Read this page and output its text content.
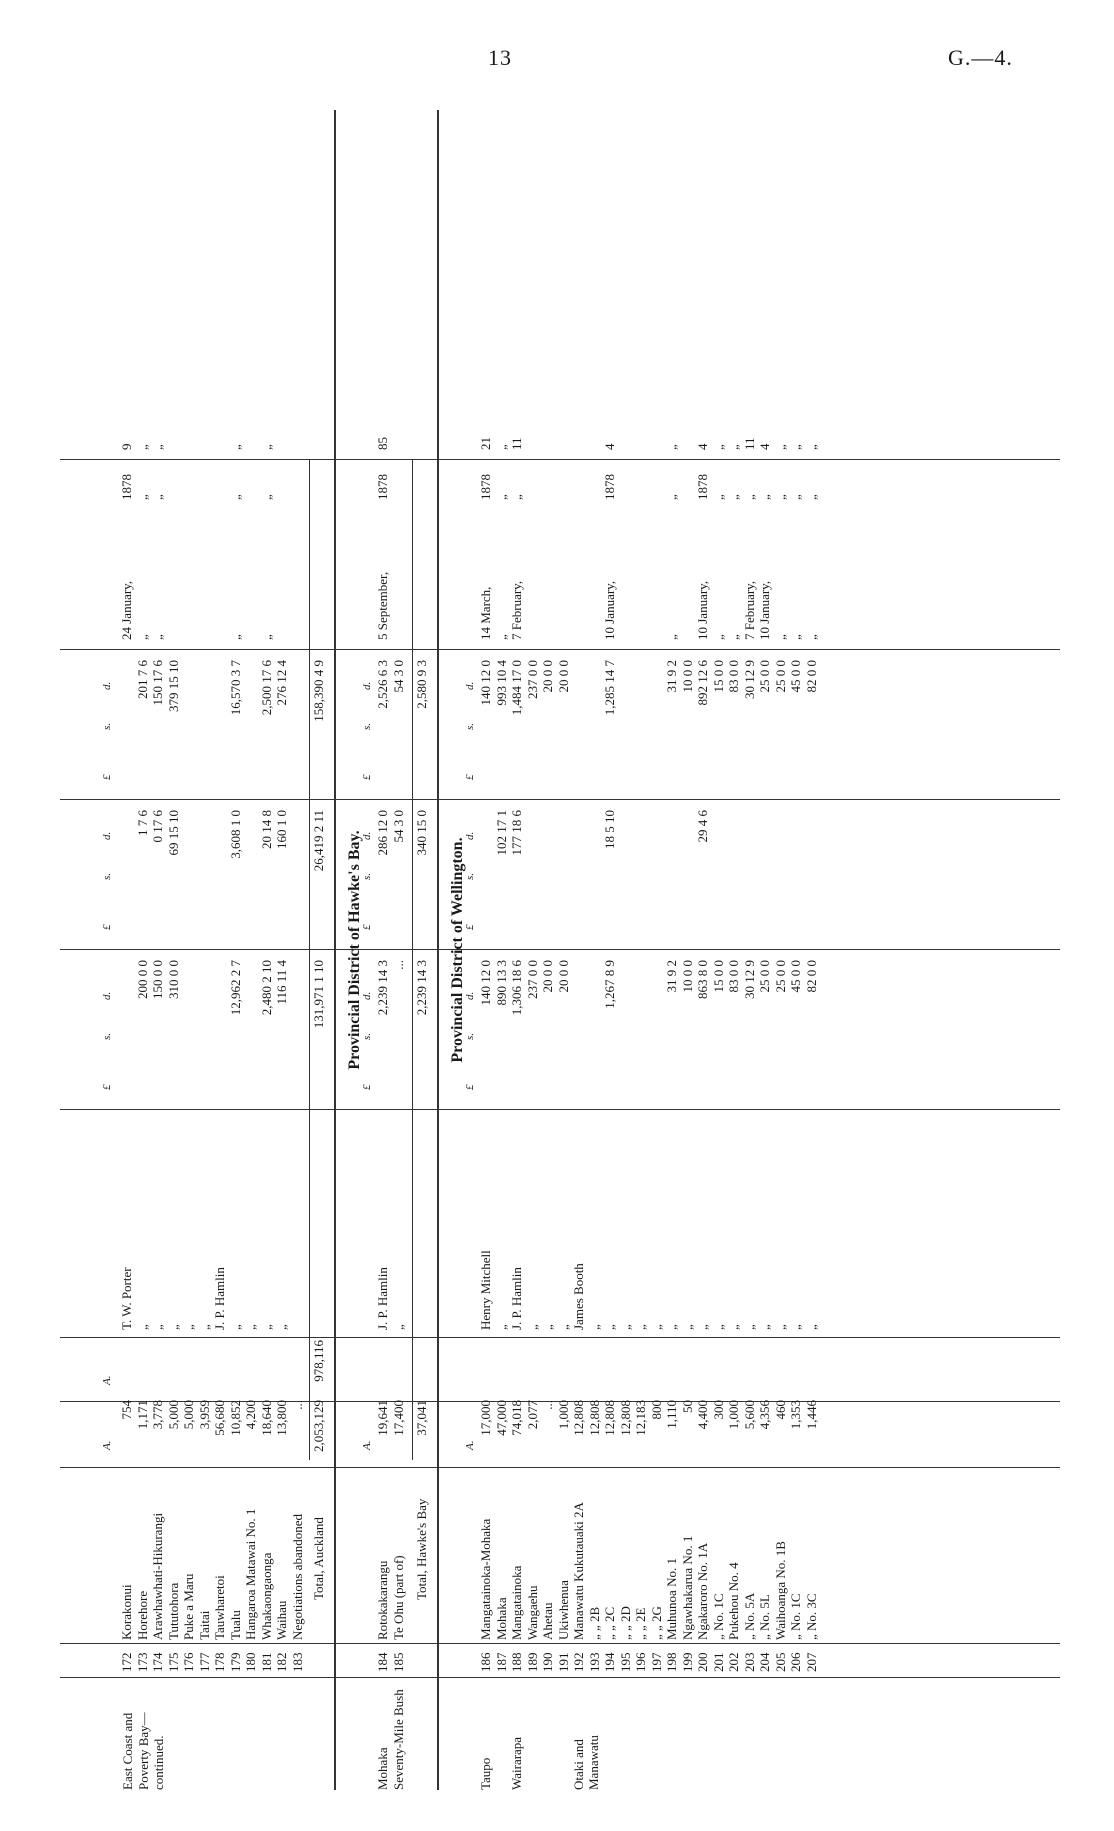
13	G.—4.
A.
A.
£
s.
d.
£
s.
d.
£
s.
d.
East Coast and Poverty Bay—continued.
172
Korakonui
754
T. W. Porter
24 January,
1878
9
173
Horehore
1,171
„
200 0 0
1 7 6
201 7 6
„
„
„
174
Arawhawhati-Hikurangi
3,778
„
150 0 0
0 17 6
150 17 6
„
„
„
175
Tututohora
5,000
„
310 0 0
69 15 10
379 15 10
176
Puke a Maru
5,000
„
177
Taitai
3,959
„
178
Tauwharetoi
56,680
J. P. Hamlin
179
Tualu
10,852
„
12,962 2 7
3,608 1 0
16,570 3 7
„
„
„
180
Hangaroa Matawai No. 1
4,200
„
181
Whakaongaonga
18,640
„
2,480 2 10
20 14 8
2,500 17 6
„
„
„
182
Waihau
13,800
„
116 11 4
160 1 0
276 12 4
183
Negotiations abandoned
...
Total, Auckland
2,053,129
978,116
131,971 1 10
26,419 2 11
158,390 4 9
Provincial District of Hawke's Bay.
A.
£
s.
d.
£
s.
d.
£
s.
d.
Mohaka
184
Rotokakarangu
19,641
J. P. Hamlin
2,239 14 3
286 12 0
2,526 6 3
5 September,
1878
85
Seventy-Mile Bush
185
Te Ohu (part of)
17,400
„
...
54 3 0
54 3 0
Total, Hawke's Bay
37,041
2,239 14 3
340 15 0
2,580 9 3
Provincial District of Wellington.
A.
£
s.
d.
£
s.
d.
£
s.
d.
Taupo
186
Mangatainoka-Mohaka
17,000
Henry Mitchell
140 12 0
140 12 0
14 March,
1878
21
187
Mohaka
47,000
„
890 13 3
102 17 1
993 10 4
„
„
„
Wairarapa
188
Mangatainoka
74,018
J. P. Hamlin
1,306 18 6
177 18 6
1,484 17 0
7 February,
„
11
189
Wangaehu
2,077
„
237 0 0
237 0 0
190
Ahetau
...
„
20 0 0
20 0 0
191
Ukiwhenua
1,000
„
20 0 0
20 0 0
Otaki and Manawatu
192
Manawatu Kukutauaki 2A
12,808
James Booth
193
„ „ 2B
12,808
„
194
„ „ 2C
12,808
„
1,267 8 9
18 5 10
1,285 14 7
10 January,
1878
4
195
„ „ 2D
12,808
„
196
„ „ 2E
12,183
„
197
„ „ 2G
800
„
198
Muhunoa No. 1
1,110
„
31 9 2
31 9 2
„
„
„
199
Ngawhakarua No. 1
50
„
10 0 0
10 0 0
200
Ngakaroro No. 1A
4,400
„
863 8 0
29 4 6
892 12 6
10 January,
1878
4
201
„ No. 1C
300
„
15 0 0
15 0 0
„
„
„
202
Pukehou No. 4
1,000
„
83 0 0
83 0 0
„
„
„
203
„ No. 5A
5,600
„
30 12 9
30 12 9
7 February,
„
11
204
„ No. 5L
4,356
„
25 0 0
25 0 0
10 January,
„
4
205
Waihoanga No. 1B
460
„
25 0 0
25 0 0
„
„
„
206
„ No. 1C
1,353
„
45 0 0
45 0 0
„
„
„
207
„ No. 3C
1,446
„
82 0 0
82 0 0
„
„
„
